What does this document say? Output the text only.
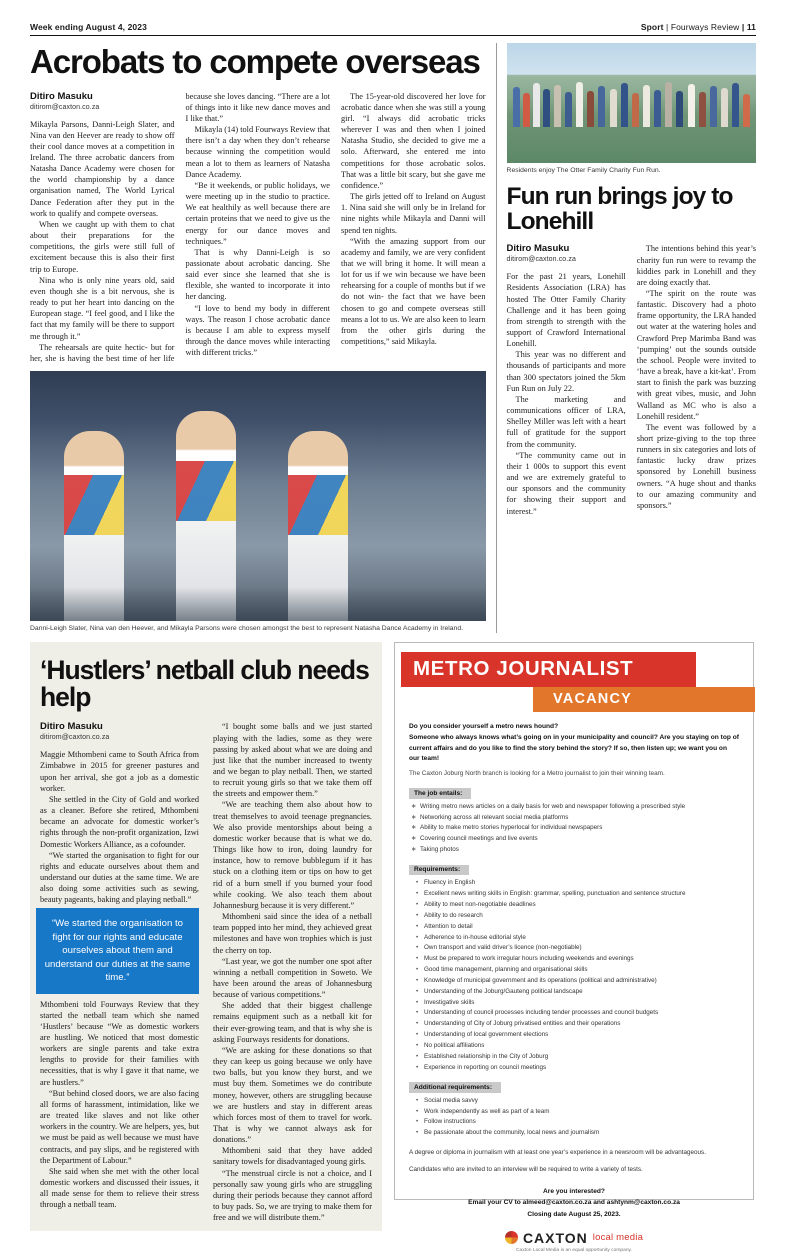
Week ending August 4, 2023	Sport | Fourways Review | 11
Acrobats to compete overseas
Ditiro Masuku
ditirom@caxton.co.za

Mikayla Parsons, Danni-Leigh Slater, and Nina van den Heever are ready to show off their cool dance moves at a competition in Ireland. The three acrobatic dancers from Natasha Dance Academy were chosen for the world championship by a dance organisation named, The World Lyrical Dance Federation after they put in the work to qualify and compete overseas.

When we caught up with them to chat about their preparations for the competitions, the girls were still full of excitement because this is also their first trip to Europe.

Nina who is only nine years old, said even though she is a bit nervous, she is ready to put her heart into dancing on the European stage. “I feel good, and I like the fact that my family will be there to support me through it.”

The rehearsals are quite hectic- but for her, she is having the best time of her life because she loves dancing. “There are a lot of things into it like new dance moves and I like that.”

Mikayla (14) told Fourways Review that there isn’t a day when they don’t rehearse because winning the competition would mean a lot to them as learners of Natasha Dance Academy.

“Be it weekends, or public holidays, we were meeting up in the studio to practice. We eat healthily as well because there are certain proteins that we need to give us the energy for our dance moves and techniques.”

That is why Danni-Leigh is so passionate about acrobatic dancing. She said ever since she learned that she is flexible, she wanted to incorporate it into her dancing.

“I love to bend my body in different ways. The reason I chose acrobatic dance is because I am able to express myself through the dance moves while interacting with different tricks.”

The 15-year-old discovered her love for acrobatic dance when she was still a young girl. “I always did acrobatic tricks wherever I was and then when I joined Natasha Studio, she decided to give me a solo. Afterward, she entered me into competitions for those acrobatic solos. That was a little bit scary, but she gave me confidence.”

The girls jetted off to Ireland on August 1. Nina said she will only be in Ireland for nine nights while Mikayla and Danni will spend ten nights.

“With the amazing support from our academy and family, we are very confident that we will bring it home. It will mean a lot for us if we win because we have been rehearsing for a couple of months but if we do not win- the fact that we have been chosen to go and compete overseas still means a lot to us. We are also keen to learn from the other girls during the competitions,” said Mikayla.

Danni-Leigh Slater, Nina van den Heever, and Mikayla Parsons were chosen amongst the best to represent Natasha Dance Academy in Ireland.
Residents enjoy The Otter Family Charity Fun Run.
Fun run brings joy to Lonehill
Ditiro Masuku
ditirom@caxton.co.za

For the past 21 years, Lonehill Residents Association (LRA) has hosted The Otter Family Charity Challenge and it has been going from strength to strength with the support of Crawford International Lonehill.

This year was no different and thousands of participants and more than 300 spectators joined the 5km Fun Run on July 22.

The marketing and communications officer of LRA, Shelley Miller was left with a heart full of gratitude for the support from the community.

“The community came out in their 1 000s to support this event and we are extremely grateful to our sponsors and the community for showing their support and interest.”

The intentions behind this year’s charity fun run were to revamp the kiddies park in Lonehill and they are doing exactly that.

“The spirit on the route was fantastic. Discovery had a photo frame opportunity, the LRA handed out water at the watering holes and Crawford Prep Marimba Band was ‘pumping’ out the sounds outside the school. People were invited to ‘have a break, have a kit-kat’. From start to finish the park was buzzing with great vibes, music, and John Walland as MC who is also a Lonehill resident.”

The event was followed by a short prize-giving to the top three runners in six categories and lots of fantastic lucky draw prizes sponsored by Lonehill business owners. “A huge shout and thanks to our amazing community and sponsors.”

‘Hustlers’ netball club needs help
Ditiro Masuku
ditirom@caxton.co.za

Maggie Mthombeni came to South Africa from Zimbabwe in 2015 for greener pastures and upon her arrival, she got a job as a domestic worker.

She settled in the City of Gold and worked as a cleaner. Before she retired, Mthombeni became an advocate for domestic worker’s rights through the non-profit organization, Izwi Domestic Workers Alliance, as a cofounder.

“We started the organisation to fight for our rights and educate ourselves about them and understand our duties at the same time. We are also doing some activities such as sewing, beauty pageants, baking and playing netball.”

“We started the organisation to fight for our rights and educate ourselves about them and understand our duties at the same time.”

Mthombeni told Fourways Review that they started the netball team which she named ‘Hustlers’ because “We as domestic workers are hustling. We noticed that most domestic workers are single parents and take extra lengths to provide for their families with necessities, that is why I gave it that name, we are hustlers.”

“But behind closed doors, we are also facing all forms of harassment, intimidation, like we are treated like slaves and not like other workers in the country. We are helpers, yes, but we must be paid as well because we must have contracts, and pay slips, and be registered with the Department of Labour.”

She said when she met with the other local domestic workers and discussed their issues, it all made sense for them to relieve their stress through a netball team.

“I bought some balls and we just started playing with the ladies, some as they were passing by asked about what we are doing and just like that the number increased to twenty and we began to play netball. Then, we started to recruit young girls so that we take them off the streets and empower them.”

“We are teaching them also about how to treat themselves to avoid teenage pregnancies. We also provide mentorships about being a domestic worker because that is what we do. Things like how to iron, doing laundry for instance, how to remove bubblegum if it has stuck on a clothing item or tips on how to get rid of a burn smell if you burned your food while cooking. We also teach them about Johannesburg because it is very different.”

Mthombeni said since the idea of a netball team popped into her mind, they achieved great milestones and have won trophies which is just the cherry on top.

“Last year, we got the number one spot after winning a netball competition in Soweto. We have been around the areas of Johannesburg because of various competitions.”

She added that their biggest challenge remains equipment such as a netball kit for their ever-growing team, and that is why she is asking Fourways residents for donations.

“We are asking for these donations so that they can keep us going because we only have two balls, but you know they burst, and we must buy them. Sometimes we do contribute money, however, others are struggling because we are hustlers and stay in different areas which forces most of them to travel for work. That is why we cannot always ask for donations.”

Mthombeni said that they have added sanitary towels for disadvantaged young girls.

“The menstrual circle is not a choice, and I personally saw young girls who are struggling during their periods because they cannot afford to buy pads. So, we are trying to make them for free and we will distribute them.”

METRO JOURNALIST
VACANCY
Do you consider yourself a metro news hound?
Someone who always knows what’s going on in your municipality and council? Are you staying on top of current affairs and do you like to find the story behind the story? If so, then listen up; we want you on our team!
The Caxton Joburg North branch is looking for a Metro journalist to join their winning team.
The job entails:
∗ Writing metro news articles on a daily basis for web and newspaper following a prescribed style
∗ Networking across all relevant social media platforms
∗ Ability to make metro stories hyperlocal for individual newspapers
∗ Covering council meetings and live events
∗ Taking photos
Requirements:
• Fluency in English
• Excellent news writing skills in English: grammar, spelling, punctuation and sentence structure
• Ability to meet non-negotiable deadlines
• Ability to do research
• Attention to detail
• Adherence to in-house editorial style
• Own transport and valid driver’s licence (non-negotiable)
• Must be prepared to work irregular hours including weekends and evenings
• Good time management, planning and organisational skills
• Knowledge of municipal government and its operations (political and administrative)
• Understanding of the Joburg/Gauteng political landscape
• Investigative skills
• Understanding of council processes including tender processes and council budgets
• Understanding of City of Joburg privatised entities and their operations
• Understanding of local government elections
• No political affiliations
• Established relationship in the City of Joburg
• Experience in reporting on council meetings
Additional requirements:
• Social media savvy
• Work independently as well as part of a team
• Follow instructions
• Be passionate about the community, local news and journalism
A degree or diploma in journalism with at least one year’s experience in a newsroom will be advantageous.
Candidates who are invited to an interview will be required to write a variety of tests.
Are you interested?
Email your CV to almeed@caxton.co.za and ashtynm@caxton.co.za
Closing date August 25, 2023.
CAXTON local media
Caxton Local Media is an equal opportunity company.
